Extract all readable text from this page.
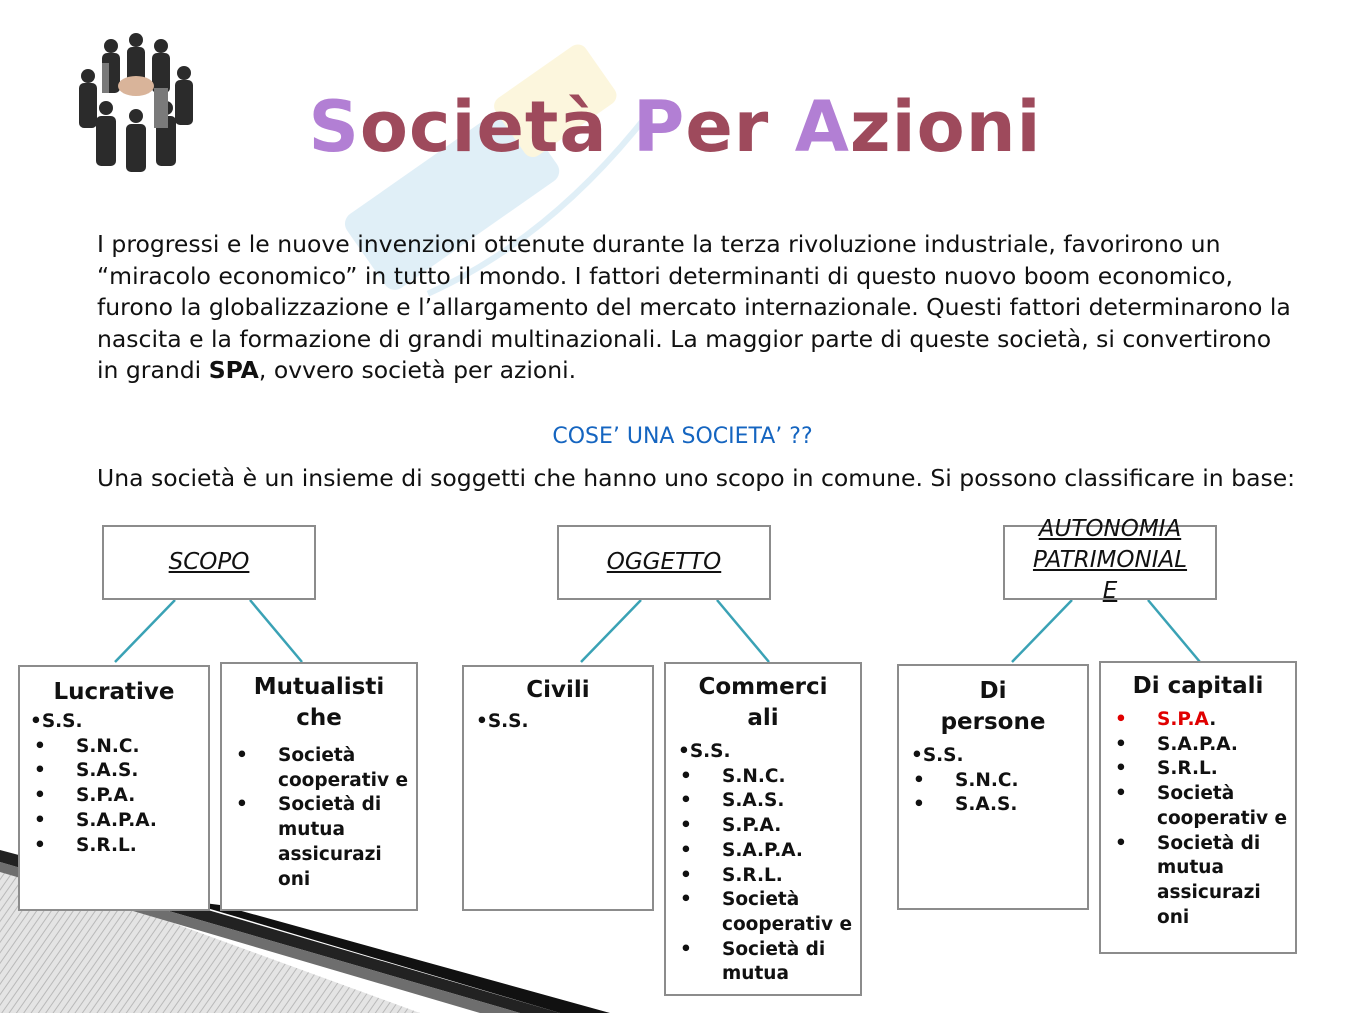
Società Per Azioni
I progressi e le nuove invenzioni ottenute durante la terza rivoluzione industriale, favorirono un “miracolo economico” in tutto il mondo. I fattori determinanti di questo nuovo boom economico, furono la globalizzazione e l’allargamento del mercato internazionale. Questi fattori determinarono la nascita e la formazione di grandi multinazionali. La maggior parte di queste società, si convertirono in grandi SPA, ovvero società per azioni.
COSE’ UNA SOCIETA’ ??
Una società è un insieme di soggetti che hanno uno scopo in comune. Si possono classificare in base:
SCOPO	OGGETTO
AUTONOMIA
PATRIMONIAL
E
Lucrative
•S.S.
• S.N.C.
• S.A.S.
• S.P.A.
• S.A.P.A.
• S.R.L.
Mutualisti
che
• Società cooperativ e
• Società di mutua assicurazi oni
Civili
•S.S.
Commerci
ali
•S.S.
• S.N.C.
• S.A.S.
• S.P.A.
• S.A.P.A.
• S.R.L.
• Società cooperativ e
• Società di mutua
Di
persone
•S.S.
• S.N.C.
• S.A.S.
Di capitali
• S.P.A.
• S.A.P.A.
• S.R.L.
• Società cooperativ e
• Società di mutua assicurazi oni
